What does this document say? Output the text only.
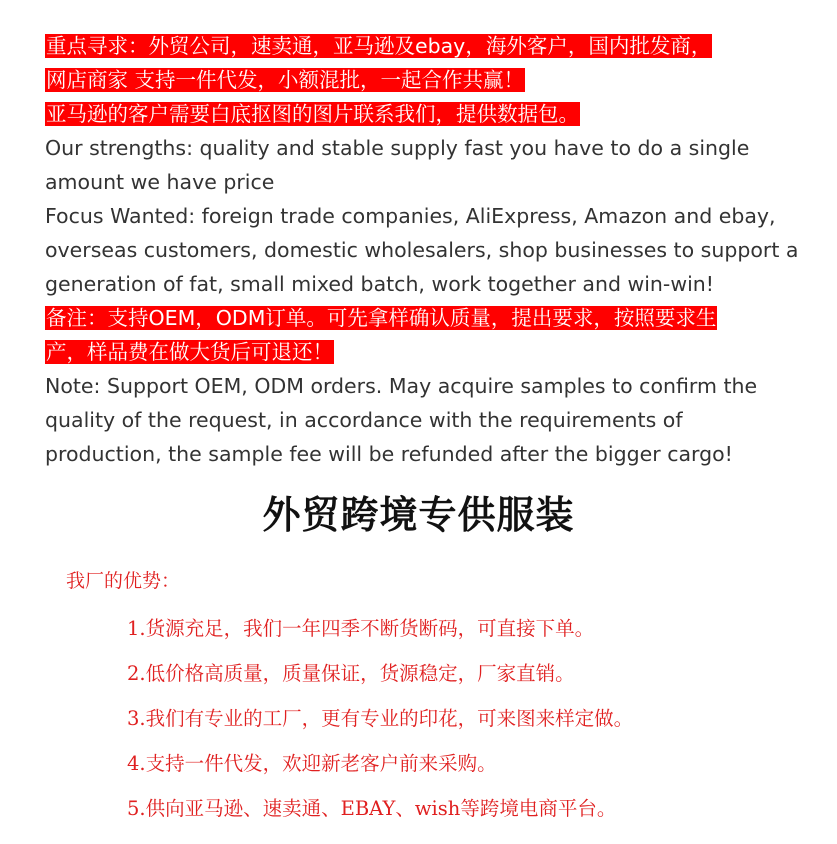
重点寻求：外贸公司，速卖通，亚马逊及ebay，海外客户，国内批发商，
网店商家 支持一件代发，小额混批，一起合作共赢！
亚马逊的客户需要白底抠图的图片联系我们，提供数据包。
Our strengths: quality and stable supply fast you have to do a single amount we have price
Focus Wanted: foreign trade companies, AliExpress, Amazon and ebay, overseas customers, domestic wholesalers, shop businesses to support a generation of fat, small mixed batch, work together and win-win!
备注：支持OEM，ODM订单。可先拿样确认质量，提出要求，按照要求生
产，样品费在做大货后可退还！
Note: Support OEM, ODM orders. May acquire samples to confirm the quality of the request, in accordance with the requirements of production, the sample fee will be refunded after the bigger cargo!
外贸跨境专供服装
我厂的优势：
1.货源充足，我们一年四季不断货断码，可直接下单。
2.低价格高质量，质量保证，货源稳定，厂家直销。
3.我们有专业的工厂，更有专业的印花，可来图来样定做。
4.支持一件代发，欢迎新老客户前来采购。
5.供向亚马逊、速卖通、EBAY、wish等跨境电商平台。
